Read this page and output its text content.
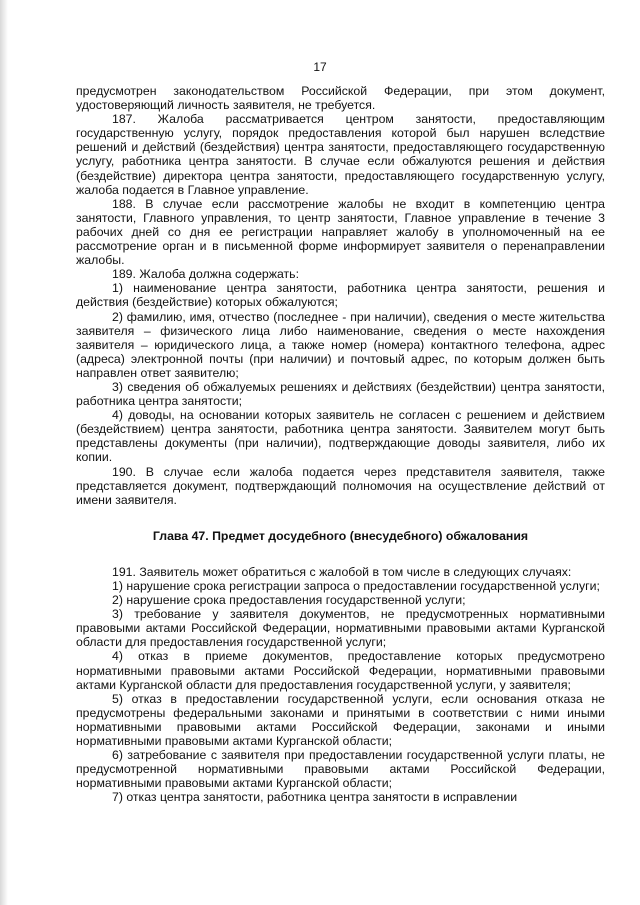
17

предусмотрен законодательством Российской Федерации, при этом документ, удостоверяющий личность заявителя, не требуется.

187. Жалоба рассматривается центром занятости, предоставляющим государственную услугу, порядок предоставления которой был нарушен вследствие решений и действий (бездействия) центра занятости, предоставляющего государственную услугу, работника центра занятости. В случае если обжалуются решения и действия (бездействие) директора центра занятости, предоставляющего государственную услугу, жалоба подается в Главное управление.

188. В случае если рассмотрение жалобы не входит в компетенцию центра занятости, Главного управления, то центр занятости, Главное управление в течение 3 рабочих дней со дня ее регистрации направляет жалобу в уполномоченный на ее рассмотрение орган и в письменной форме информирует заявителя о перенаправлении жалобы.

189. Жалоба должна содержать:

1) наименование центра занятости, работника центра занятости, решения и действия (бездействие) которых обжалуются;

2) фамилию, имя, отчество (последнее - при наличии), сведения о месте жительства заявителя – физического лица либо наименование, сведения о месте нахождения заявителя – юридического лица, а также номер (номера) контактного телефона, адрес (адреса) электронной почты (при наличии) и почтовый адрес, по которым должен быть направлен ответ заявителю;

3) сведения об обжалуемых решениях и действиях (бездействии) центра занятости, работника центра занятости;

4) доводы, на основании которых заявитель не согласен с решением и действием (бездействием) центра занятости, работника центра занятости. Заявителем могут быть представлены документы (при наличии), подтверждающие доводы заявителя, либо их копии.

190. В случае если жалоба подается через представителя заявителя, также представляется документ, подтверждающий полномочия на осуществление действий от имени заявителя.

Глава 47. Предмет досудебного (внесудебного) обжалования

191. Заявитель может обратиться с жалобой в том числе в следующих случаях:

1) нарушение срока регистрации запроса о предоставлении государственной услуги;

2) нарушение срока предоставления государственной услуги;

3) требование у заявителя документов, не предусмотренных нормативными правовыми актами Российской Федерации, нормативными правовыми актами Курганской области для предоставления государственной услуги;

4) отказ в приеме документов, предоставление которых предусмотрено нормативными правовыми актами Российской Федерации, нормативными правовыми актами Курганской области для предоставления государственной услуги, у заявителя;

5) отказ в предоставлении государственной услуги, если основания отказа не предусмотрены федеральными законами и принятыми в соответствии с ними иными нормативными правовыми актами Российской Федерации, законами и иными нормативными правовыми актами Курганской области;

6) затребование с заявителя при предоставлении государственной услуги платы, не предусмотренной нормативными правовыми актами Российской Федерации, нормативными правовыми актами Курганской области;

7) отказ центра занятости, работника центра занятости в исправлении
